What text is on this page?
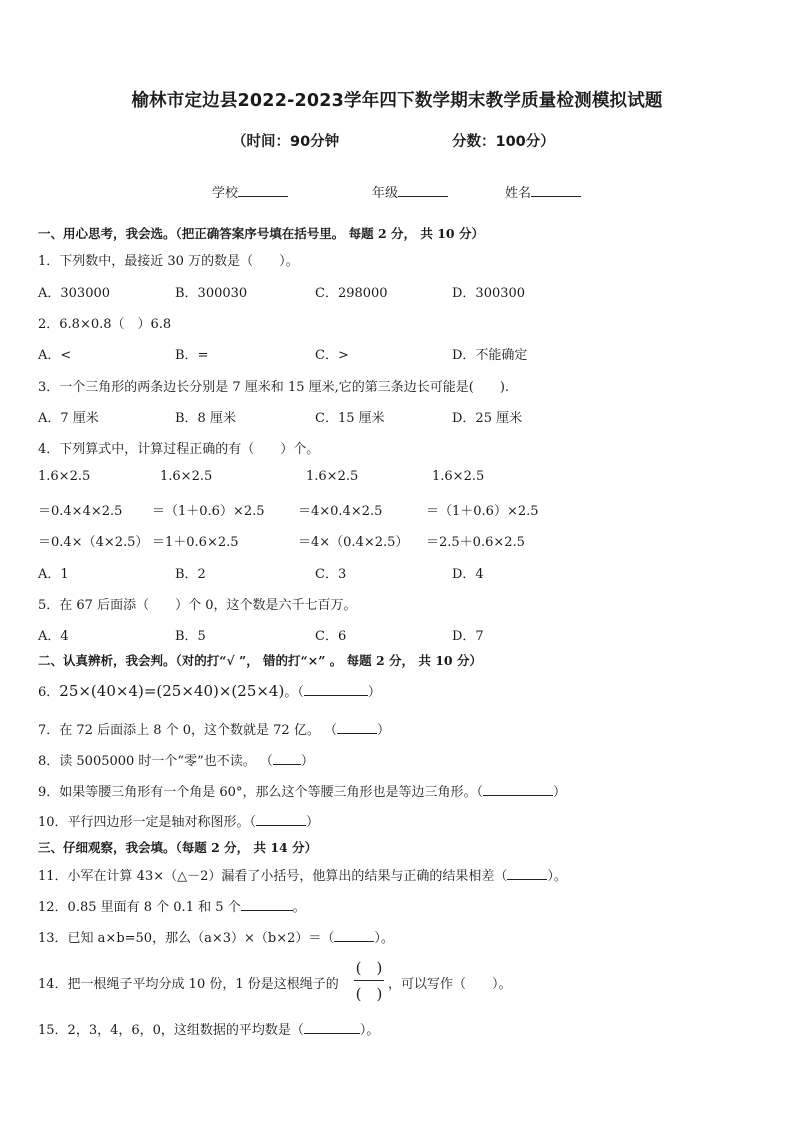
榆林市定边县2022-2023学年四下数学期末教学质量检测模拟试题
（时间：90分钟	分数：100分）
学校	年级	姓名
一、用心思考，我会选。（把正确答案序号填在括号里。 每题 2 分， 共 10 分）
1．下列数中，最接近 30 万的数是（　　）。
A．303000	B．300030	C．298000	D．300300
2．6.8×0.8（　）6.8
A．<	B．=	C．>	D．不能确定
3．一个三角形的两条边长分别是 7 厘米和 15 厘米,它的第三条边长可能是(　　).
A．7 厘米	B．8 厘米	C．15 厘米	D．25 厘米
4．下列算式中，计算过程正确的有（　　）个。
1.6×2.5	1.6×2.5	1.6×2.5	1.6×2.5
＝0.4×4×2.5 ＝（1＋0.6）×2.5	＝4×0.4×2.5	＝（1＋0.6）×2.5
＝0.4×（4×2.5） ＝1＋0.6×2.5	＝4×（0.4×2.5） ＝2.5＋0.6×2.5
A．1	B．2	C．3	D．4
5．在 67 后面添（　　）个 0，这个数是六千七百万。
A．4	B．5	C．6	D．7
二、认真辨析，我会判。（对的打“√ ”， 错的打“×” 。 每题 2 分， 共 10 分）
6．25×(40×4)=(25×40)×(25×4)。（	）
7．在 72 后面添上 8 个 0，这个数就是 72 亿。 （	）
8．读 5005000 时一个“零”也不读。 （ ）
9．如果等腰三角形有一个角是 60°，那么这个等腰三角形也是等边三角形。（	）
10．平行四边形一定是轴对称图形。（	）
三、仔细观察，我会填。（每题 2 分， 共 14 分）
11．小军在计算 43×（△－2）漏看了小括号，他算出的结果与正确的结果相差（	）。
12．0.85 里面有 8 个 0.1 和 5 个	。
13．已知 a×b=50，那么（a×3）×（b×2）＝（	）。
14．把一根绳子平均分成 10 份，1 份是这根绳子的
(　)
(　)
，可以写作（　　）。
15．2，3，4，6，0，这组数据的平均数是（	）。
